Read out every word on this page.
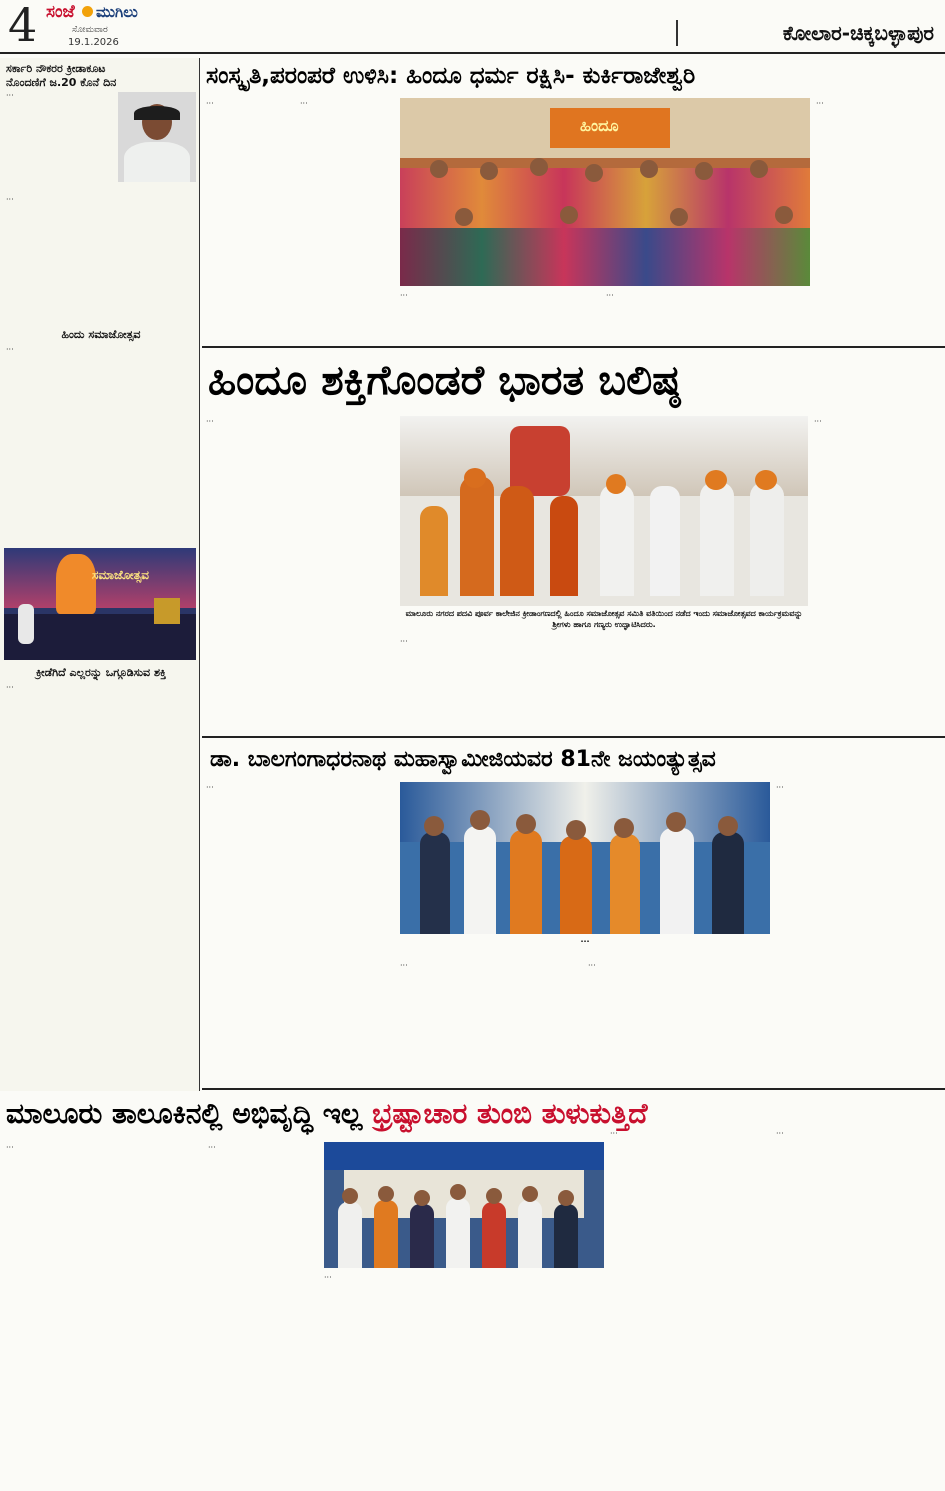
4 ಸಂಜೆ ಮುಗಿಲು
ಸೋಮವಾರ
19.1.2026	ಕೋಲಾರ-ಚಿಕ್ಕಬಳ್ಳಾಪುರ
ಸರ್ಕಾರಿ ನೌಕರರ ಕ್ರೀಡಾಕೂಟ
ನೊಂದಣಿಗೆ ಜ.20 ಕೊನೆ ದಿನ
···
···
ಹಿಂದು ಸಮಾಜೋತ್ಸವ
···
ಸಮಾಜೋತ್ಸವ
ಕ್ರೀಡೆಗಿದೆ ಎಲ್ಲರನ್ನು ಒಗ್ಗೂಡಿಸುವ ಶಕ್ತಿ
···
ಸಂಸ್ಕೃತಿ,ಪರಂಪರೆ ಉಳಿಸಿ: ಹಿಂದೂ ಧರ್ಮ ರಕ್ಷಿಸಿ- ಕುರ್ಕಿರಾಜೇಶ್ವರಿ
···	···
ಹಿಂದೂ
···	···
···
ಹಿಂದೂ ಶಕ್ತಿಗೊಂಡರೆ ಭಾರತ ಬಲಿಷ್ಠ
···
ಮಾಲೂರು ನಗರದ ಪದವಿ ಪೂರ್ವ ಕಾಲೇಜಿನ ಕ್ರೀಡಾಂಗಣದಲ್ಲಿ ಹಿಂದೂ ಸಮಾಜೋತ್ಸವ ಸಮಿತಿ ವತಿಯಿಂದ ನಡೆದ ಇಂದು ಸಮಾಜೋತ್ಸವದ ಕಾರ್ಯಕ್ರಮವನ್ನು ಶ್ರೀಗಳು ಹಾಗೂ ಗಣ್ಯರು ಉದ್ಘಾಟಿಸಿದರು.
···
···
ಡಾ. ಬಾಲಗಂಗಾಧರನಾಥ ಮಹಾಸ್ವಾಮೀಜಿಯವರ 81ನೇ ಜಯಂತ್ಯುತ್ಸವ
···
···
···	···
···
ಮಾಲೂರು ತಾಲೂಕಿನಲ್ಲಿ ಅಭಿವೃದ್ಧಿ ಇಲ್ಲ ಭ್ರಷ್ಟಾಚಾರ ತುಂಬಿ ತುಳುಕುತ್ತಿದೆ
···	···
···
···	···
